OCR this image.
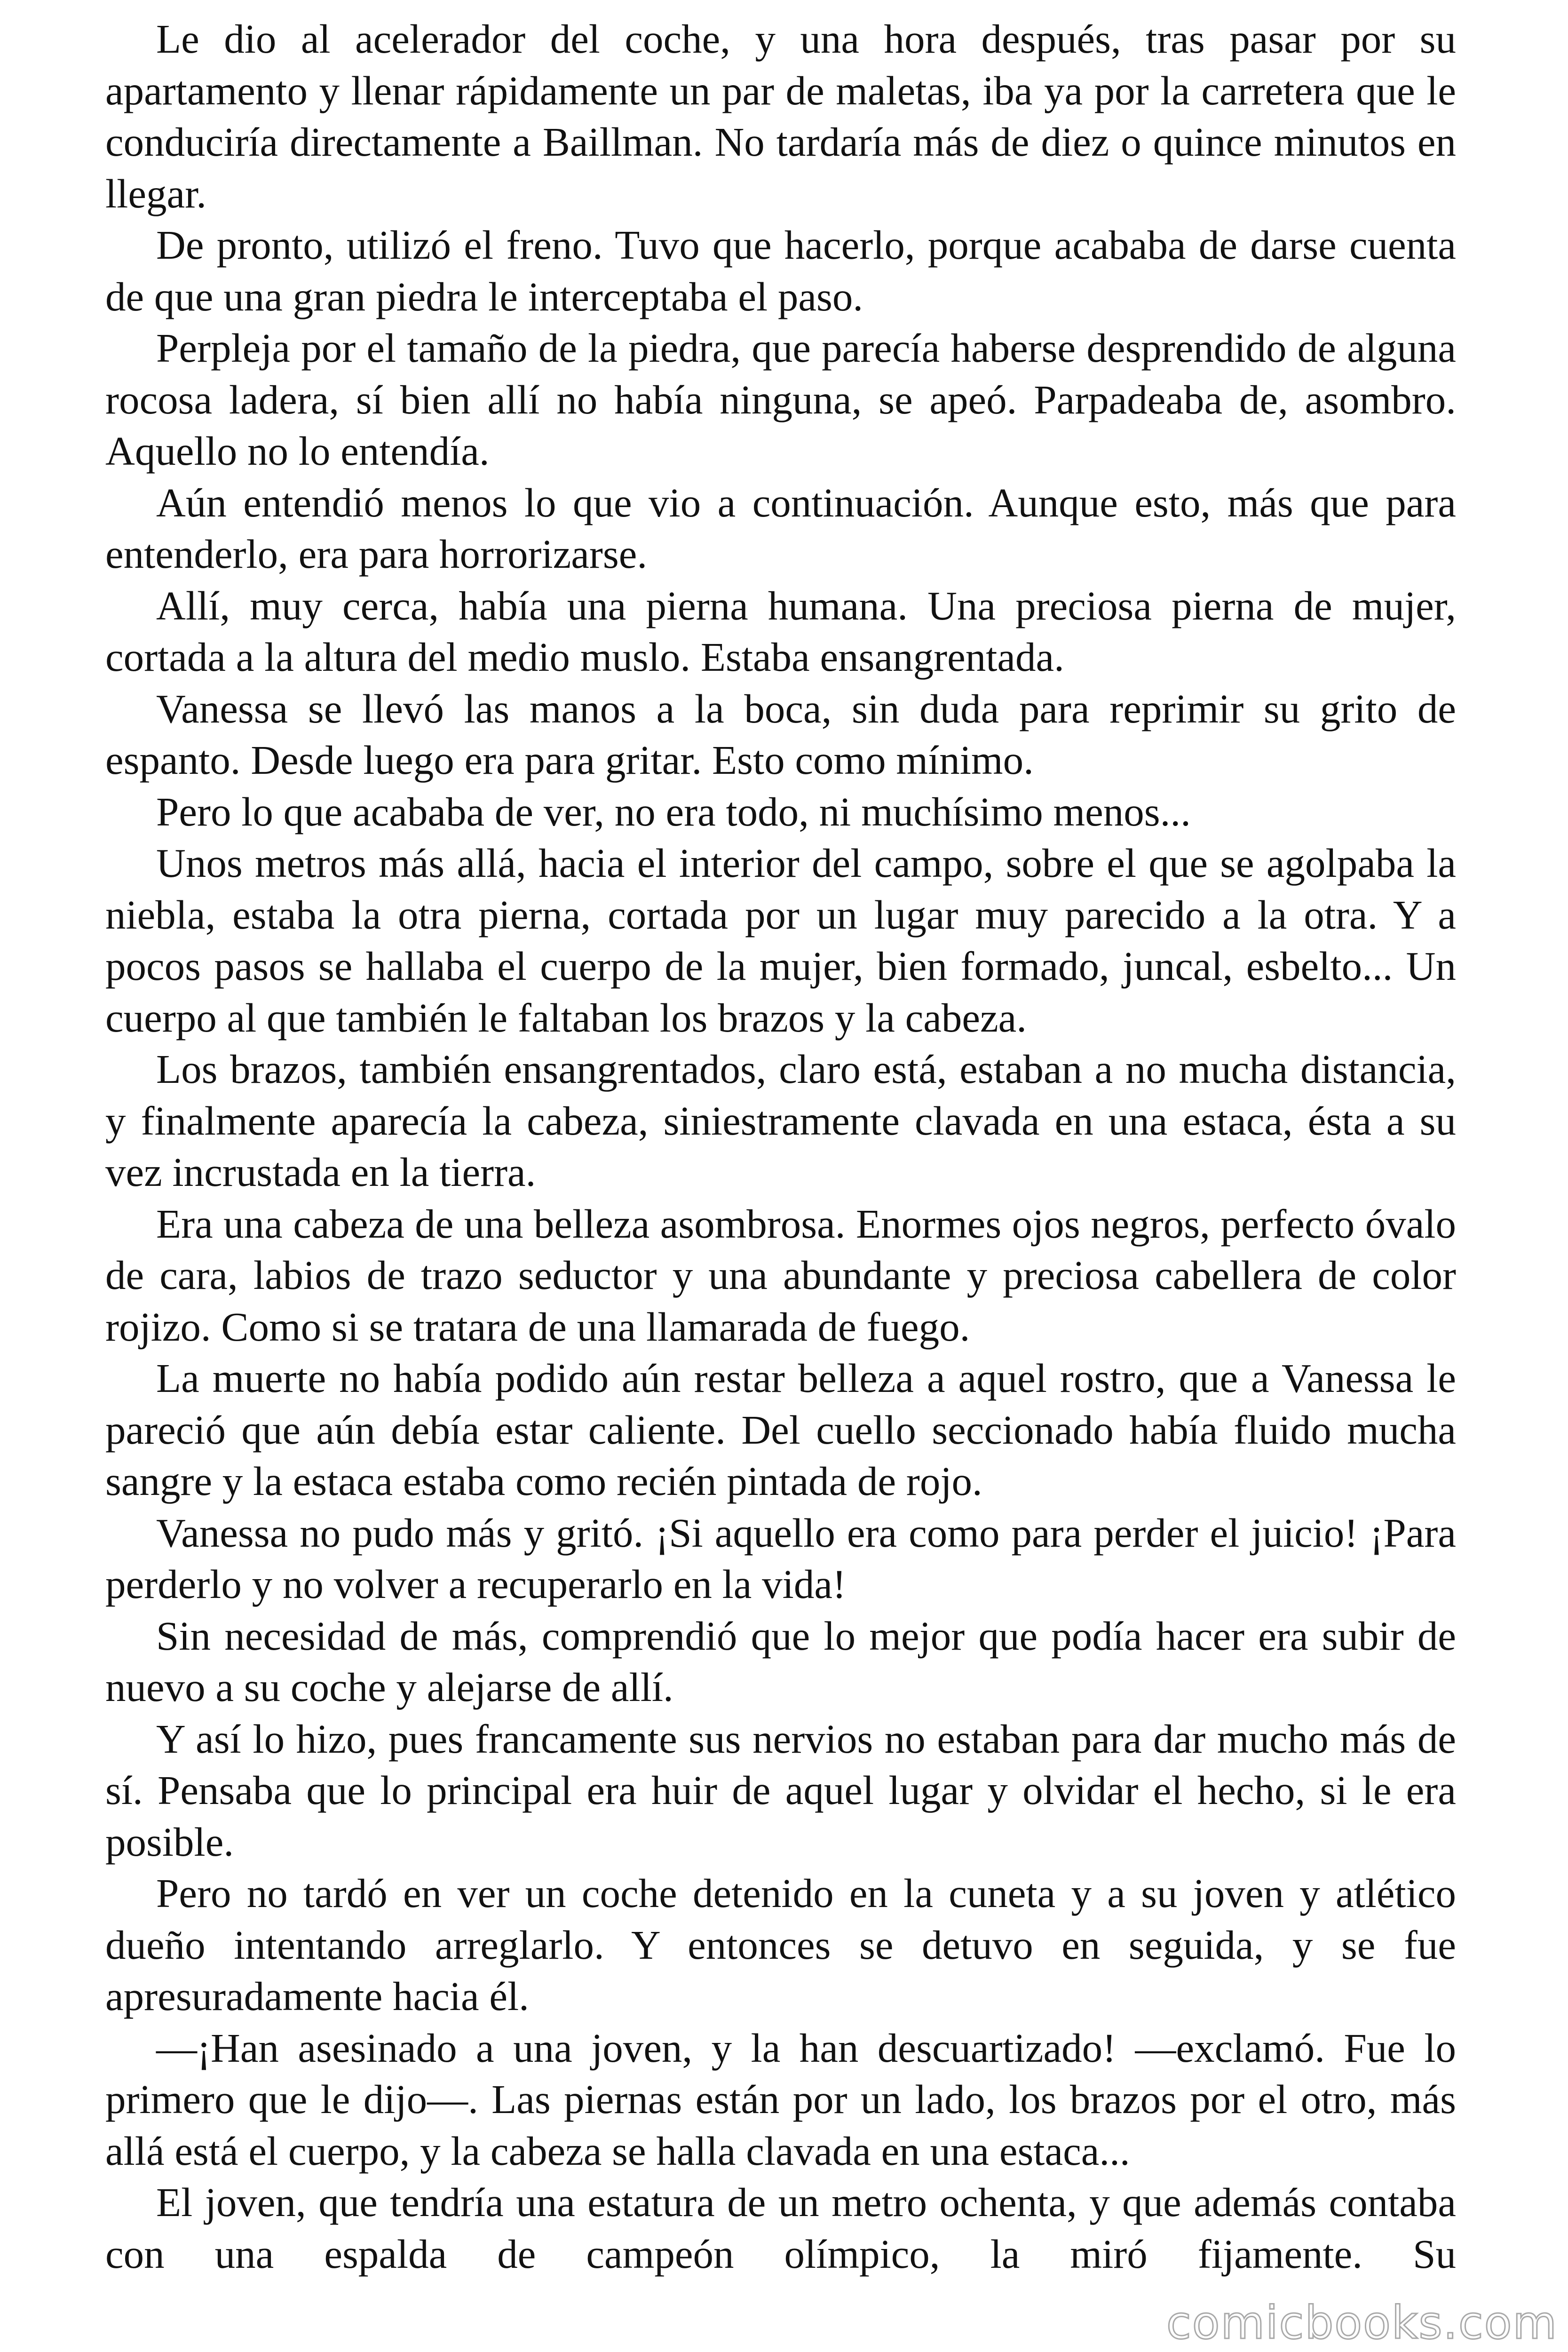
Le dio al acelerador del coche, y una hora después, tras pasar por su apartamento y llenar rápidamente un par de maletas, iba ya por la carretera que le conduciría directamente a Baillman. No tardaría más de diez o quince minutos en llegar.

De pronto, utilizó el freno. Tuvo que hacerlo, porque acababa de darse cuenta de que una gran piedra le interceptaba el paso.

Perpleja por el tamaño de la piedra, que parecía haberse desprendido de alguna rocosa ladera, sí bien allí no había ninguna, se apeó. Parpadeaba de, asombro. Aquello no lo entendía.

Aún entendió menos lo que vio a continuación. Aunque esto, más que para entenderlo, era para horrorizarse.

Allí, muy cerca, había una pierna humana. Una preciosa pierna de mujer, cortada a la altura del medio muslo. Estaba ensangrentada.

Vanessa se llevó las manos a la boca, sin duda para reprimir su grito de espanto. Desde luego era para gritar. Esto como mínimo.

Pero lo que acababa de ver, no era todo, ni muchísimo menos...

Unos metros más allá, hacia el interior del campo, sobre el que se agolpaba la niebla, estaba la otra pierna, cortada por un lugar muy parecido a la otra. Y a pocos pasos se hallaba el cuerpo de la mujer, bien formado, juncal, esbelto... Un cuerpo al que también le faltaban los brazos y la cabeza.

Los brazos, también ensangrentados, claro está, estaban a no mucha distancia, y finalmente aparecía la cabeza, siniestramente clavada en una estaca, ésta a su vez incrustada en la tierra.

Era una cabeza de una belleza asombrosa. Enormes ojos negros, perfecto óvalo de cara, labios de trazo seductor y una abundante y preciosa cabellera de color rojizo. Como si se tratara de una llamarada de fuego.

La muerte no había podido aún restar belleza a aquel rostro, que a Vanessa le pareció que aún debía estar caliente. Del cuello seccionado había fluido mucha sangre y la estaca estaba como recién pintada de rojo.

Vanessa no pudo más y gritó. ¡Si aquello era como para perder el juicio! ¡Para perderlo y no volver a recuperarlo en la vida!

Sin necesidad de más, comprendió que lo mejor que podía hacer era subir de nuevo a su coche y alejarse de allí.

Y así lo hizo, pues francamente sus nervios no estaban para dar mucho más de sí. Pensaba que lo principal era huir de aquel lugar y olvidar el hecho, si le era posible.

Pero no tardó en ver un coche detenido en la cuneta y a su joven y atlético dueño intentando arreglarlo. Y entonces se detuvo en seguida, y se fue apresuradamente hacia él.

—¡Han asesinado a una joven, y la han descuartizado! —exclamó. Fue lo primero que le dijo—. Las piernas están por un lado, los brazos por el otro, más allá está el cuerpo, y la cabeza se halla clavada en una estaca...

El joven, que tendría una estatura de un metro ochenta, y que además contaba con una espalda de campeón olímpico, la miró fijamente. Su

comicbooks.com
